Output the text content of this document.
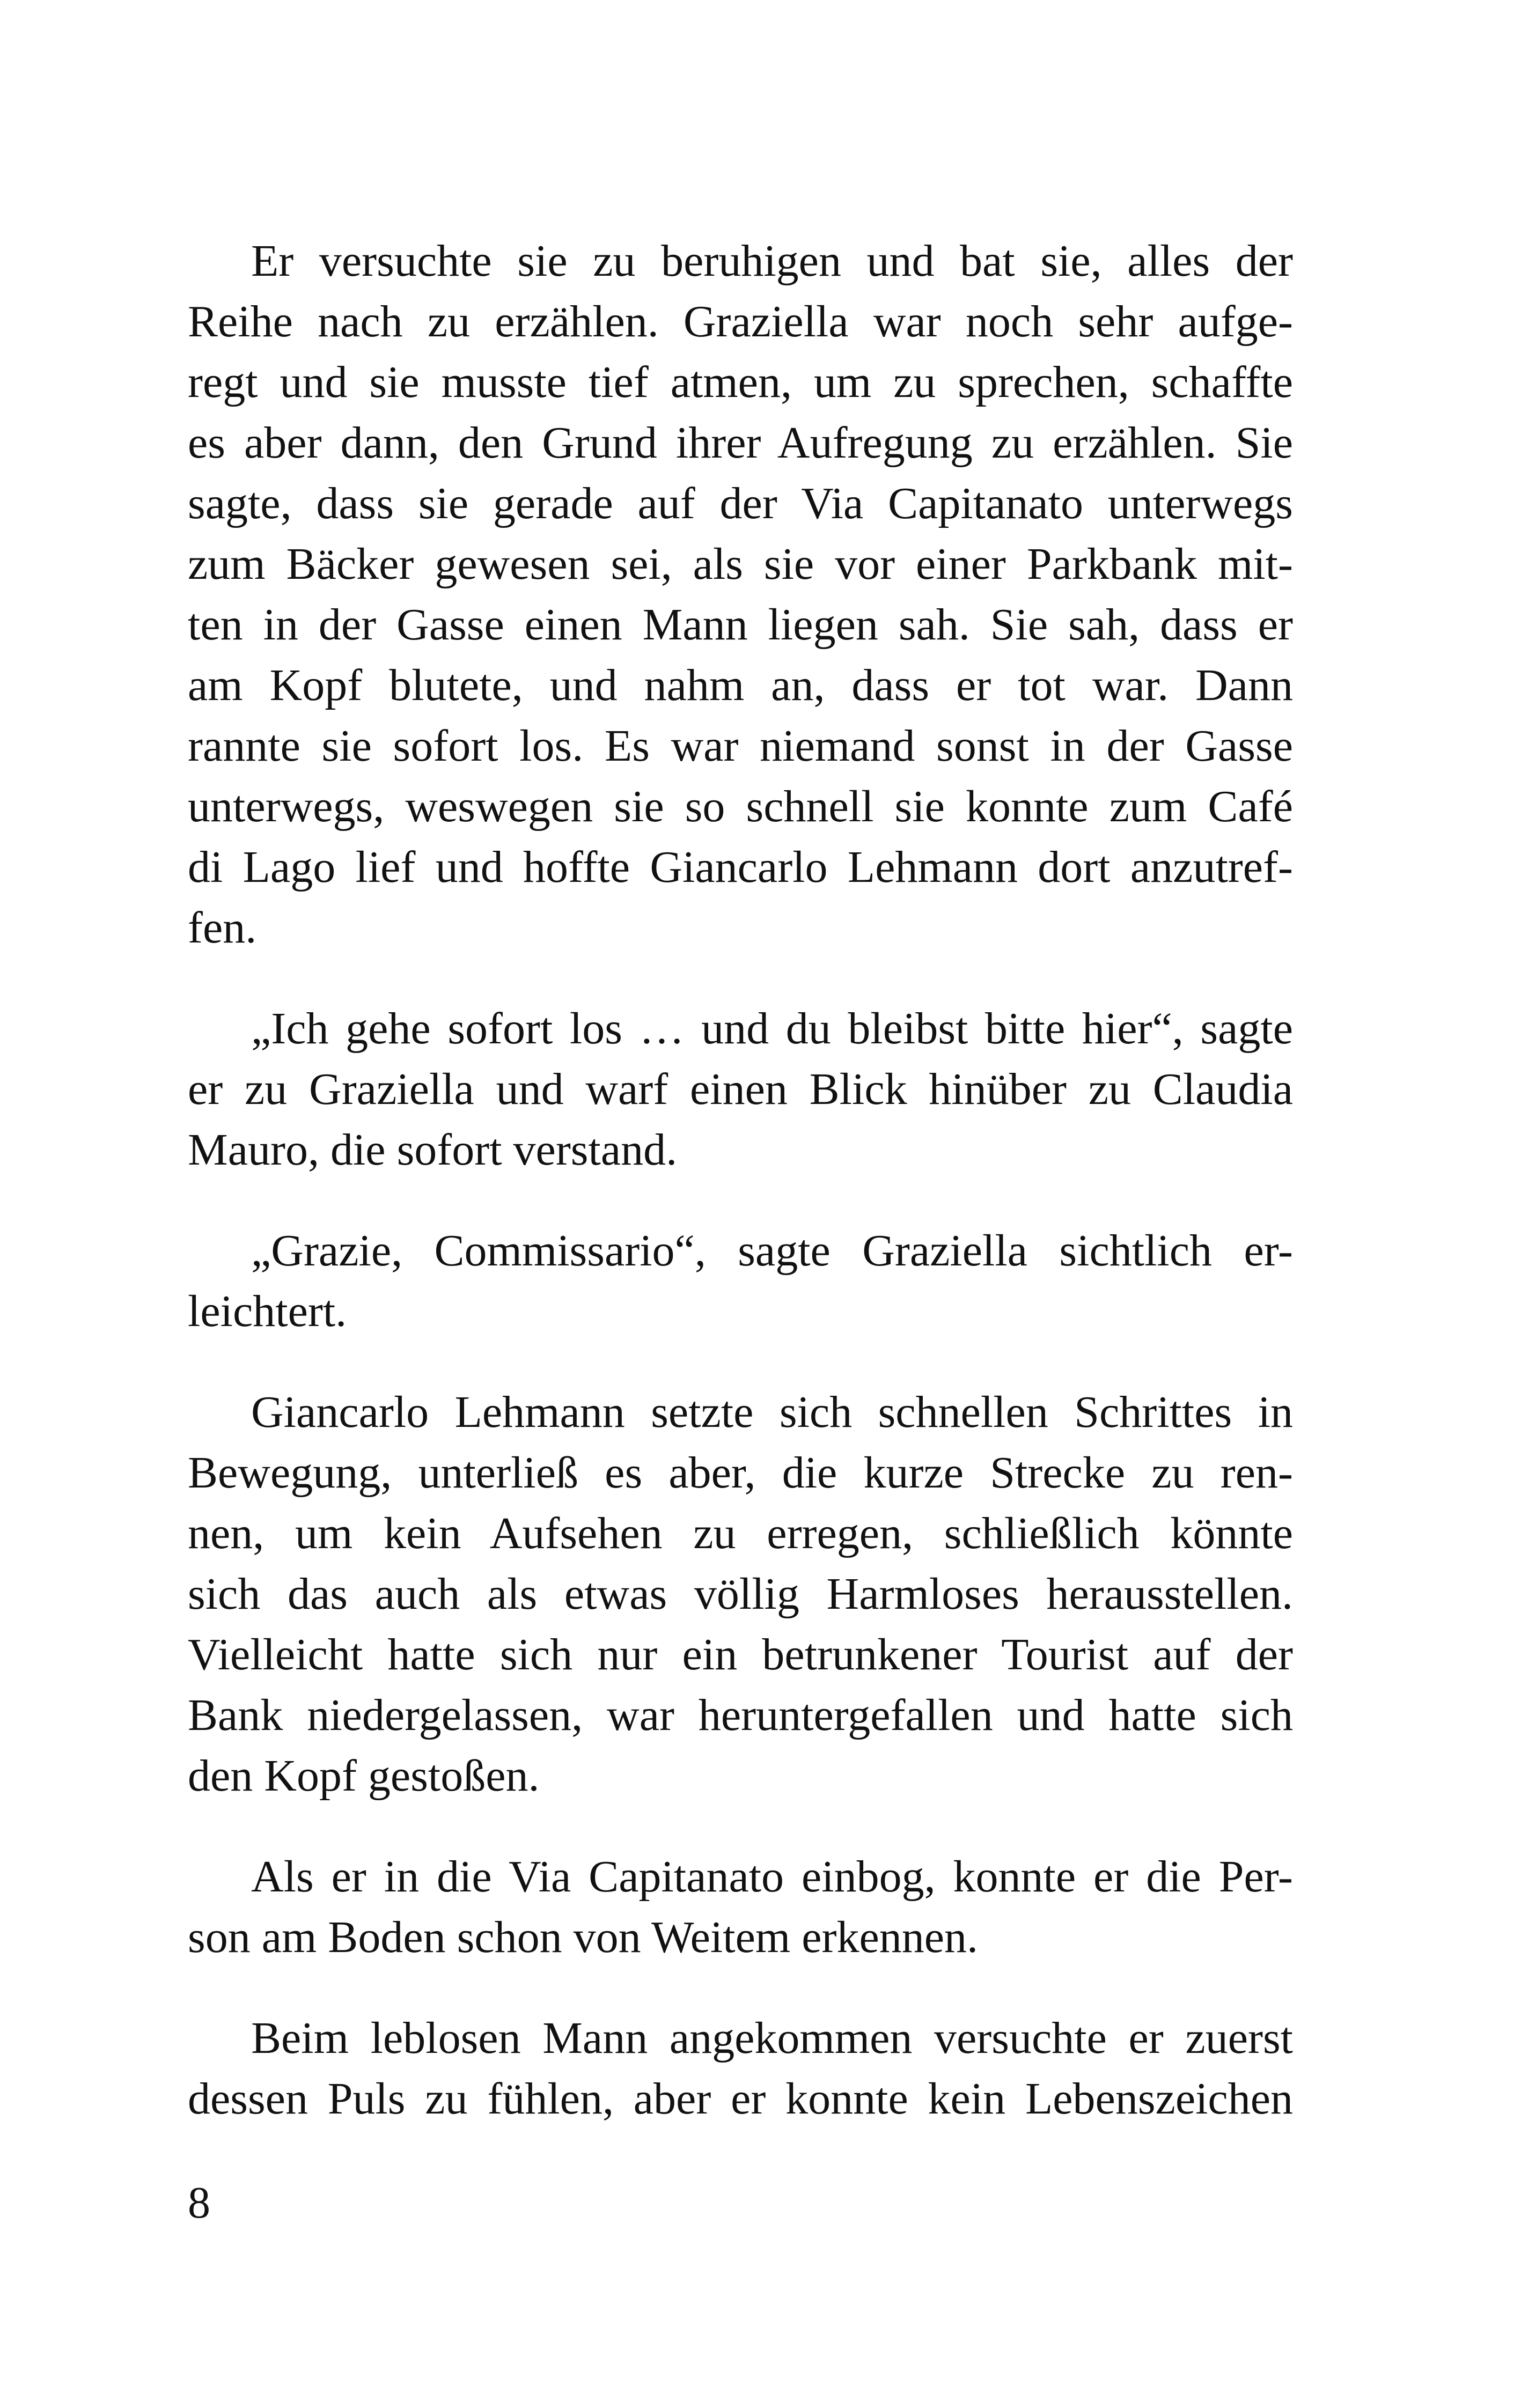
Er versuchte sie zu beruhigen und bat sie, alles der
Reihe nach zu erzählen. Graziella war noch sehr aufge-
regt und sie musste tief atmen, um zu sprechen, schaffte
es aber dann, den Grund ihrer Aufregung zu erzählen. Sie
sagte, dass sie gerade auf der Via Capitanato unterwegs
zum Bäcker gewesen sei, als sie vor einer Parkbank mit-
ten in der Gasse einen Mann liegen sah. Sie sah, dass er
am Kopf blutete, und nahm an, dass er tot war. Dann
rannte sie sofort los. Es war niemand sonst in der Gasse
unterwegs, weswegen sie so schnell sie konnte zum Café
di Lago lief und hoffte Giancarlo Lehmann dort anzutref-
fen.
„Ich gehe sofort los … und du bleibst bitte hier“, sagte
er zu Graziella und warf einen Blick hinüber zu Claudia
Mauro, die sofort verstand.
„Grazie, Commissario“, sagte Graziella sichtlich er-
leichtert.
Giancarlo Lehmann setzte sich schnellen Schrittes in
Bewegung, unterließ es aber, die kurze Strecke zu ren-
nen, um kein Aufsehen zu erregen, schließlich könnte
sich das auch als etwas völlig Harmloses herausstellen.
Vielleicht hatte sich nur ein betrunkener Tourist auf der
Bank niedergelassen, war heruntergefallen und hatte sich
den Kopf gestoßen.
Als er in die Via Capitanato einbog, konnte er die Per-
son am Boden schon von Weitem erkennen.
Beim leblosen Mann angekommen versuchte er zuerst
dessen Puls zu fühlen, aber er konnte kein Lebenszeichen
8
